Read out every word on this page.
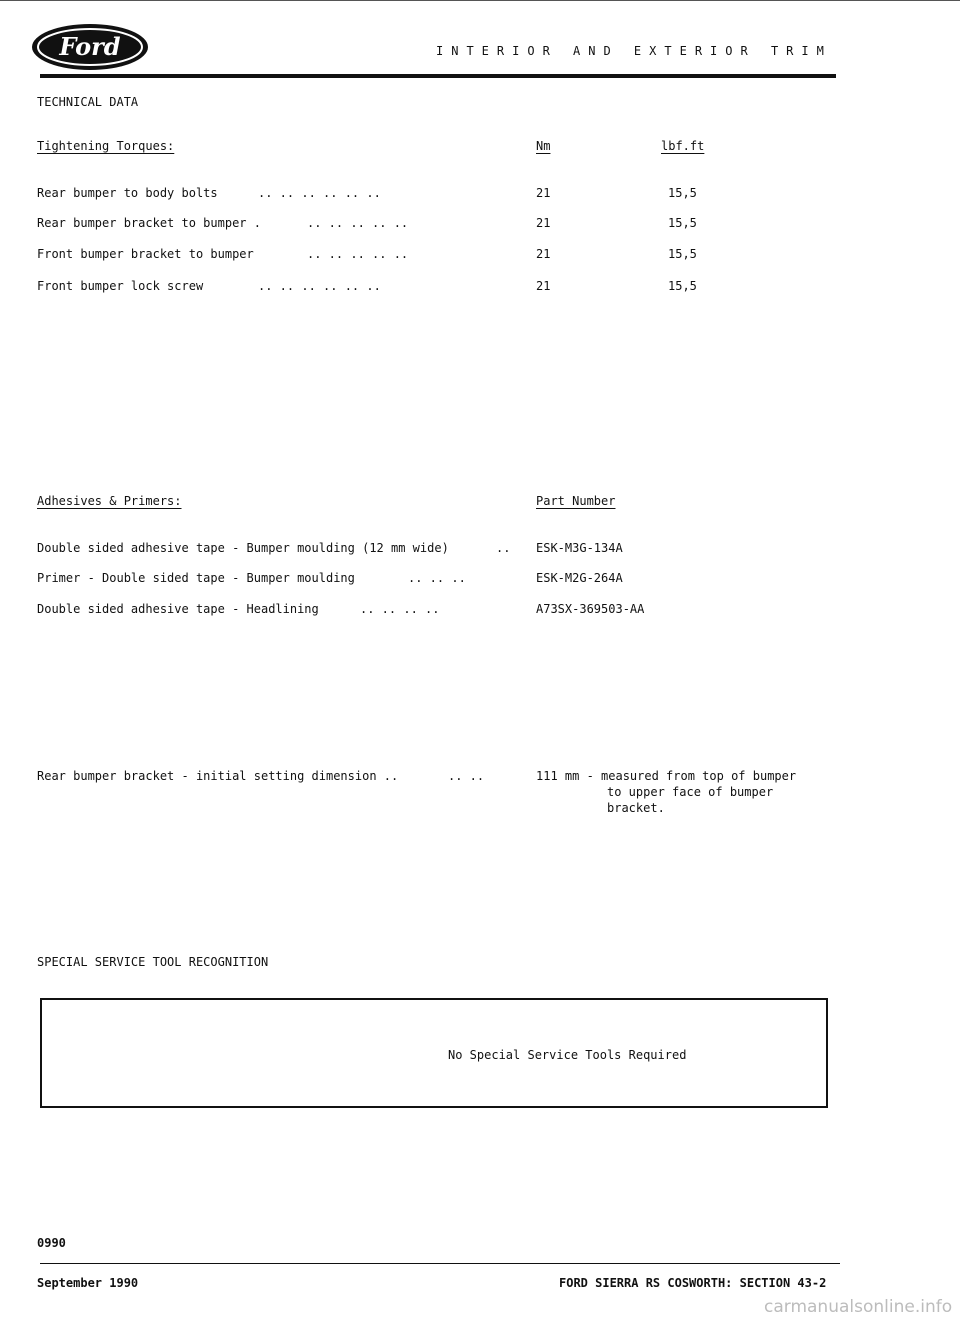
Ford	INTERIOR AND EXTERIOR TRIM
TECHNICAL DATA
Tightening Torques:	Nm	lbf.ft
Rear bumper to body bolts	.. .. .. .. .. ..	21	15,5
Rear bumper bracket to bumper .	.. .. .. .. ..	21	15,5
Front bumper bracket to bumper	.. .. .. .. ..	21	15,5
Front bumper lock screw	.. .. .. .. .. ..	21	15,5
Adhesives & Primers:	Part Number
Double sided adhesive tape - Bumper moulding (12 mm wide)	.. ESK-M3G-134A
Primer - Double sided tape - Bumper moulding	.. .. ..	ESK-M2G-264A
Double sided adhesive tape - Headlining	.. .. .. ..	A73SX-369503-AA
Rear bumper bracket - initial setting dimension ..	.. ..	111 mm - measured from top of bumper
to upper face of bumper
bracket.
SPECIAL SERVICE TOOL RECOGNITION
No Special Service Tools Required
0990
September 1990	FORD SIERRA RS COSWORTH: SECTION 43-2
carmanualsonline.info
